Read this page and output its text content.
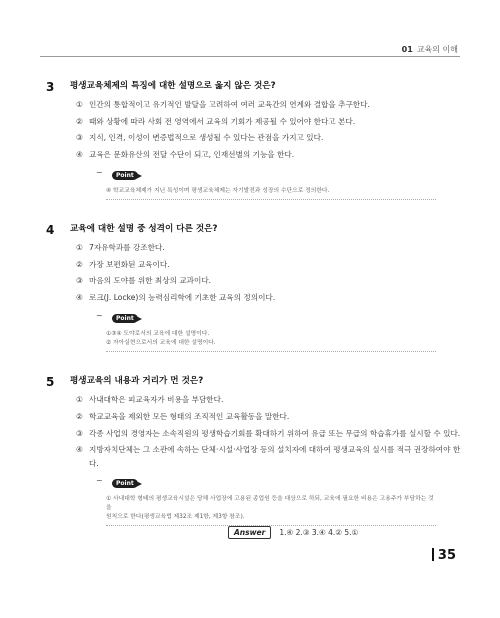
01 교육의 이해
3 평생교육체제의 특징에 대한 설명으로 옳지 않은 것은?
① 인간의 통합적이고 유기적인 발달을 고려하여 여러 교육간의 연계와 결합을 추구한다.
② 때와 상황에 따라 사회 전 영역에서 교육의 기회가 제공될 수 있어야 한다고 본다.
③ 지식, 인격, 이성이 변증법적으로 생성될 수 있다는 관점을 가지고 있다.
④ 교육은 문화유산의 전달 수단이 되고, 인재선별의 기능을 한다.
~	Point
④ 학교교육체제가 지닌 특성이며 평생교육체제는 자기발전과 성장의 수단으로 정의한다.
4 교육에 대한 설명 중 성격이 다른 것은?
① 7자유학과를 강조한다.
② 가장 보편화된 교육이다.
③ 마음의 도야를 위한 최상의 교과이다.
④ 로크(J. Locke)의 능력심리학에 기초한 교육의 정의이다.
~	Point
①③④ 도야로서의 교육에 대한 설명이다.
② 자아실현으로서의 교육에 대한 설명이다.
5 평생교육의 내용과 거리가 먼 것은?
① 사내대학은 피교육자가 비용을 부담한다.
② 학교교육을 제외한 모든 형태의 조직적인 교육활동을 말한다.
③ 각종 사업의 경영자는 소속직원의 평생학습기회를 확대하기 위하여 유급 또는 무급의 학습휴가를 실시할 수 있다.
④ 지방자치단체는 그 소관에 속하는 단체·시설·사업장 등의 설치자에 대하여 평생교육의 실시를 적극 권장하여야 한다.
~	Point
① 사내대학 형태의 평생교육시설은 당해 사업장에 고용된 종업원 등을 대상으로 하되, 교육에 필요한 비용은 고용주가 부담하는 것을
원칙으로 한다(평생교육법 제32조 제1항, 제3항 참조).
Answer	1.④ 2.③ 3.④ 4.② 5.①
35
